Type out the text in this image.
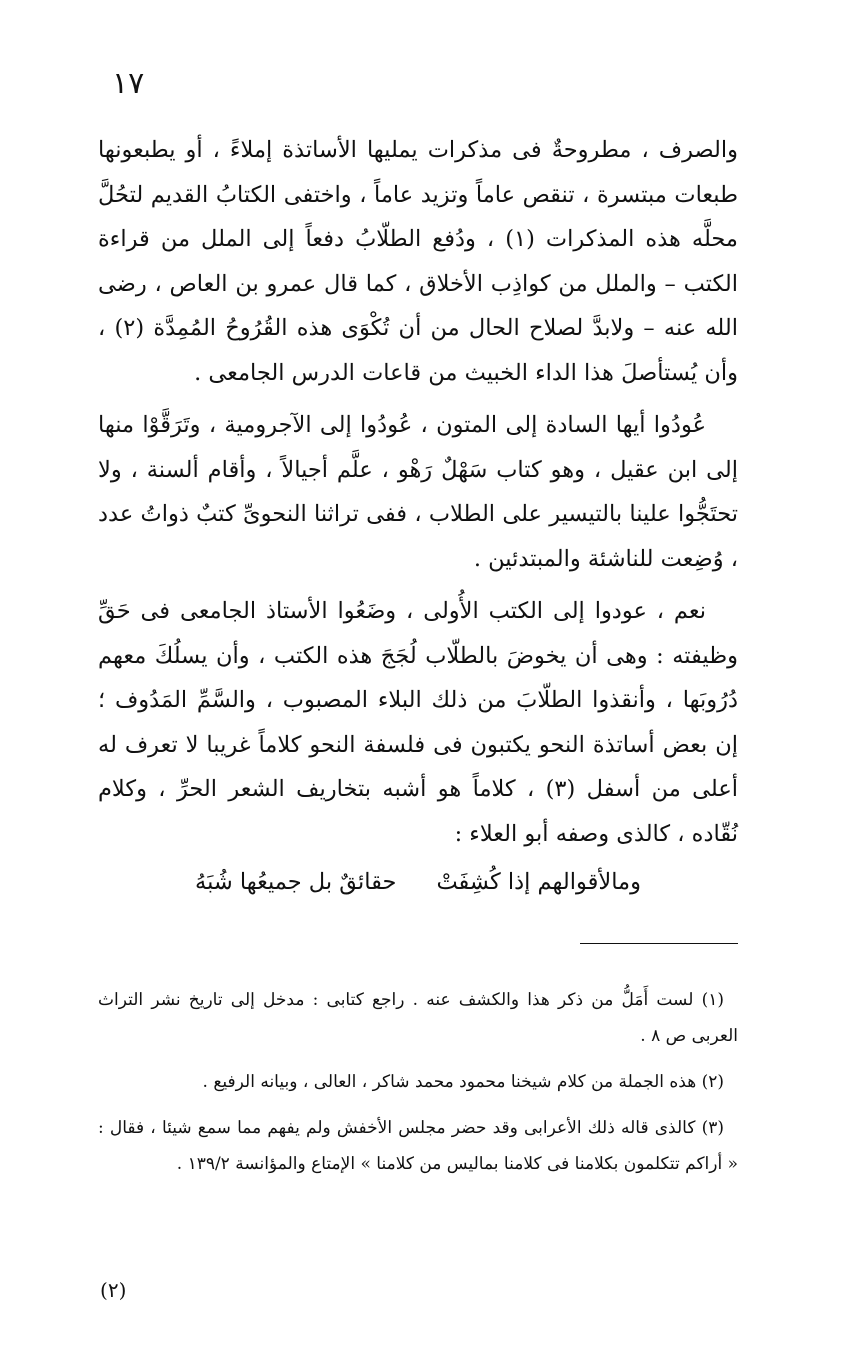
١٧

والصرف ، مطروحةٌ فى مذكرات يمليها الأساتذة إملاءً ، أو يطبعونها طبعات مبتسرة ، تنقص عاماً وتزيد عاماً ، واختفى الكتابُ القديم لتحُلَّ محلَّه هذه المذكرات (١) ، ودُفع الطلّابُ دفعاً إلى الملل من قراءة الكتب – والملل من كواذِب الأخلاق ، كما قال عمرو بن العاص ، رضى الله عنه – ولابدَّ لصلاح الحال من أن تُكْوَى هذه القُرُوحُ المُمِدَّة (٢) ، وأن يُستأصلَ هذا الداء الخبيث من قاعات الدرس الجامعى .

عُودُوا أيها السادة إلى المتون ، عُودُوا إلى الآجرومية ، وتَرَقَّوْا منها إلى ابن عقيل ، وهو كتاب سَهْلٌ رَهْو ، علَّم أجيالاً ، وأقام ألسنة ، ولا تحتَجُّوا علينا بالتيسير على الطلاب ، ففى تراثنا النحوىِّ كتبٌ ذواتُ عدد ، وُضِعت للناشئة والمبتدئين .

نعم ، عودوا إلى الكتب الأُولى ، وضَعُوا الأستاذ الجامعى فى حَقِّ وظيفته : وهى أن يخوضَ بالطلّاب لُجَجَ هذه الكتب ، وأن يسلُكَ معهم دُرُوبَها ، وأنقذوا الطلّابَ من ذلك البلاء المصبوب ، والسَّمِّ المَدُوف ؛ إن بعض أساتذة النحو يكتبون فى فلسفة النحو كلاماً غريبا لا تعرف له أعلى من أسفل (٣) ، كلاماً هو أشبه بتخاريف الشعر الحرِّ ، وكلام نُقّاده ، كالذى وصفه أبو العلاء :

ومالأقوالهم إذا كُشِفَتْ
حقائقٌ بل جميعُها شُبَهُ

(١) لست أَمَلُّ من ذكر هذا والكشف عنه . راجع كتابى : مدخل إلى تاريخ نشر التراث العربى ص ٨ .

(٢) هذه الجملة من كلام شيخنا محمود محمد شاكر ، العالى ، وبيانه الرفيع .

(٣) كالذى قاله ذلك الأعرابى وقد حضر مجلس الأخفش ولم يفهم مما سمع شيئا ، فقال : « أراكم تتكلمون بكلامنا فى كلامنا بماليس من كلامنا » الإمتاع والمؤانسة ١٣٩/٢ .

(٢)
